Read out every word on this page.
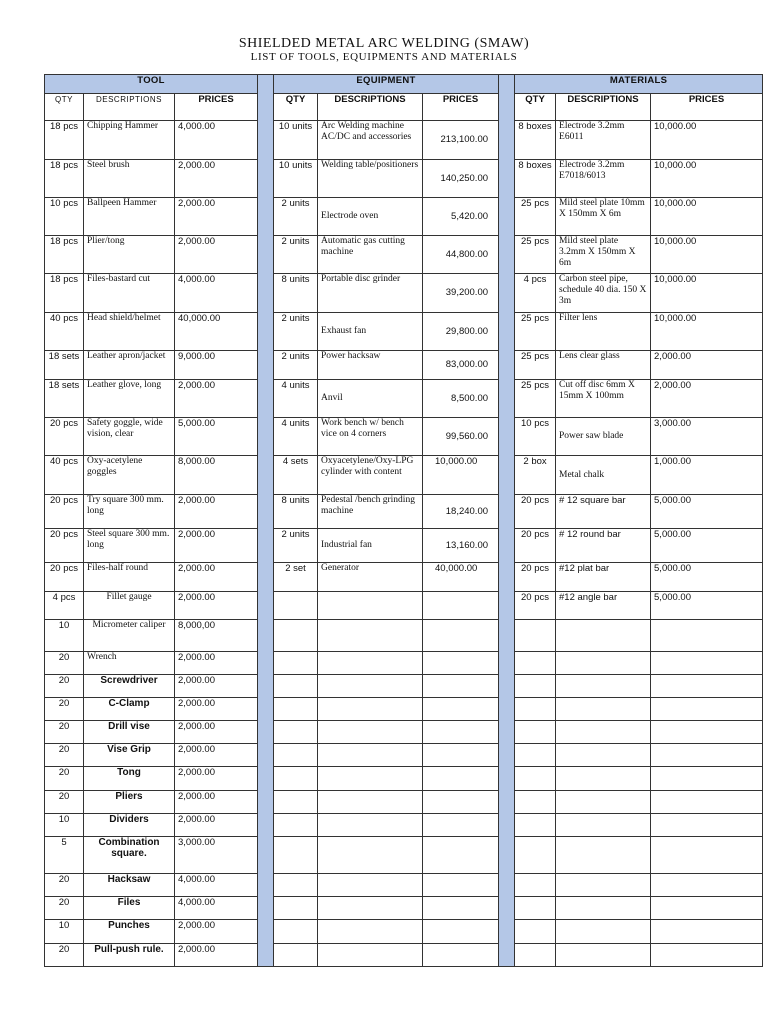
SHIELDED METAL ARC WELDING (SMAW)
LIST OF TOOLS, EQUIPMENTS AND MATERIALS
TOOL				EQUIPMENT				MATERIALS		
QTY	DESCRIPTIONS	PRICES		QTY	DESCRIPTIONS	PRICES		QTY	DESCRIPTIONS	PRICES
18 pcs	Chipping Hammer	4,000.00		10 units	Arc Welding machine AC/DC and accessories	213,100.00		8 boxes	Electrode 3.2mm E6011	10,000.00
18 pcs	Steel brush	2,000.00		10 units	Welding table/positioners	140,250.00		8 boxes	Electrode 3.2mm E7018/6013	10,000.00
10 pcs	Ballpeen Hammer	2,000.00		2 units	Electrode oven	5,420.00		25 pcs	Mild steel plate 10mm X 150mm X 6m	10,000.00
18 pcs	Plier/tong	2,000.00		2 units	Automatic gas cutting machine	44,800.00		25 pcs	Mild steel plate 3.2mm X 150mm X 6m	10,000.00
18 pcs	Files-bastard cut	4,000.00		8 units	Portable disc grinder	39,200.00		4 pcs	Carbon steel pipe, schedule 40 dia. 150 X 3m	10,000.00
40 pcs	Head shield/helmet	40,000.00		2 units	Exhaust fan	29,800.00		25 pcs	Filter lens	10,000.00
18 sets	Leather apron/jacket	9,000.00		2 units	Power hacksaw	83,000.00		25 pcs	Lens clear glass	2,000.00
18 sets	Leather glove, long	2,000.00		4 units	Anvil	8,500.00		25 pcs	Cut off disc 6mm X 15mm X 100mm	2,000.00
20 pcs	Safety goggle, wide vision, clear	5,000.00		4 units	Work bench w/ bench vice on 4 corners	99,560.00		10 pcs	Power saw blade	3,000.00
40 pcs	Oxy-acetylene goggles	8,000.00		4 sets	Oxyacetylene/Oxy-LPG cylinder with content	10,000.00		2 box	Metal chalk	1,000.00
20 pcs	Try square 300 mm. long	2,000.00		8 units	Pedestal /bench grinding machine	18,240.00		20 pcs	# 12 square bar	5,000.00
20 pcs	Steel square 300 mm. long	2,000.00		2 units	Industrial fan	13,160.00		20 pcs	# 12 round bar	5,000.00
20 pcs	Files-half round	2,000.00		2 set	Generator	40,000.00		20 pcs	#12 plat bar	5,000.00
4 pcs	Fillet gauge	2,000.00						20 pcs	#12 angle bar	5,000.00
10	Micrometer caliper	8,000,00								
20	Wrench	2,000.00								
20	Screwdriver	2,000.00								
20	C-Clamp	2,000.00								
20	Drill vise	2,000.00								
20	Vise Grip	2,000.00								
20	Tong	2,000.00								
20	Pliers	2,000.00								
10	Dividers	2,000.00								
5	Combination square.	3,000.00								
20	Hacksaw	4,000.00								
20	Files	4,000.00								
10	Punches	2,000.00								
20	Pull-push rule.	2,000.00								
